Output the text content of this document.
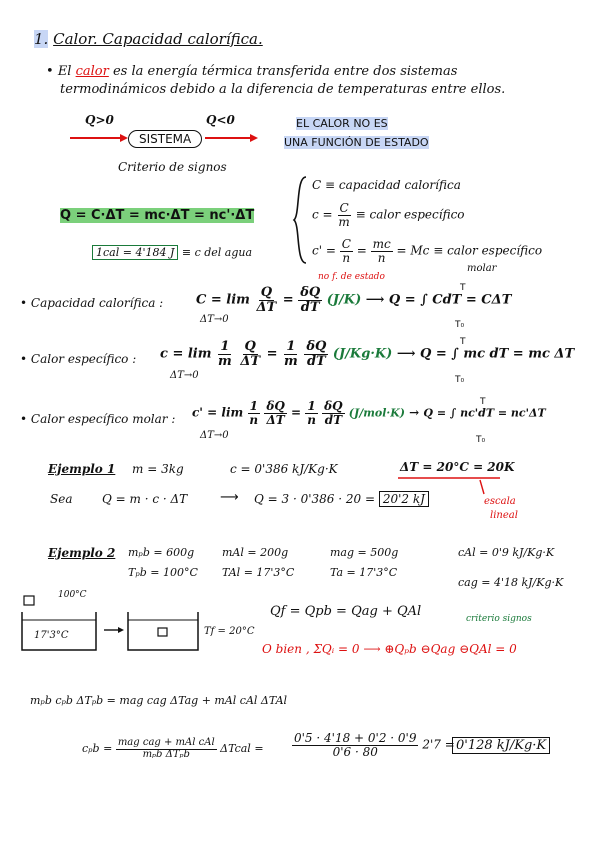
1. Calor. Capacidad calorífica.
• El calor es la energía térmica transferida entre dos sistemas
termodinámicos debido a la diferencia de temperaturas entre ellos.
Q>0	Q<0
SISTEMA
Criterio de signos
EL CALOR NO ES
UNA FUNCIÓN DE ESTADO
Q = C·ΔT = mc·ΔT = nc'·ΔT
1cal = 4'184 J ≡ c del agua
C ≡ capacidad calorífica
$c = \frac{C}{m}$ ≡ calor específico
$c' = \frac{C}{n} = \frac{mc}{n} = Mc$ ≡ calor específico
molar
no f. de estado
• Capacidad calorífica :	$C = \lim \frac{Q}{\Delta T} = \frac{\delta Q}{dT} (J/K)$ ⟶ Q = ∫ CdT = CΔT
ΔT→0
T
T₀
• Calor específico : $c = \lim \frac{1}{m}$
$\frac{Q}{\Delta T} = \frac{1}{m}$
$\frac{\delta Q}{dT} (J/Kg\cdot K)$ ⟶ Q = ∫ mc dT = mc ΔT
ΔT→0
T
T₀
• Calor específico molar : $c' = \lim \frac{1}{n}$
$\frac{\delta Q}{\Delta T} = \frac{1}{n}$
$\frac{\delta Q}{dT} (J/mol\cdot K) \to Q$ = ∫ nc'dT = nc'ΔT
ΔT→0
T
T₀
Ejemplo 1 m = 3kg	c = 0'386 kJ/Kg·K	ΔT = 20°C = 20K
Sea Q = m · c · ΔT	⟶ Q = 3 · 0'386 · 20 = 20'2 kJ	escala
lineal
Ejemplo 2 mₚb = 600g	mAl = 200g	mag = 500g
Tₚb = 100°C TAl = 17'3°C	Ta = 17'3°C
cAl = 0'9 kJ/Kg·K
cag = 4'18 kJ/Kg·K
100°C
17'3°C	Tf = 20°C
Qf = Qpb = Qag + QAl	criterio signos
O bien , ΣQᵢ = 0 ⟶ ⊕Qₚb ⊖Qag ⊖QAl = 0
mₚb cₚb ΔTₚb = mag cag ΔTag + mAl cAl ΔTAl
$c_pb = \frac{\text{mag cag + mAl cAl}}{\text{mₚb ΔTₚb}}$ ΔTcal = $\frac{0'5 \cdot 4'18 + 0'2 \cdot 0'9}{0'6 \cdot 80} 2'7 = 0'128$ kJ/Kg·K
